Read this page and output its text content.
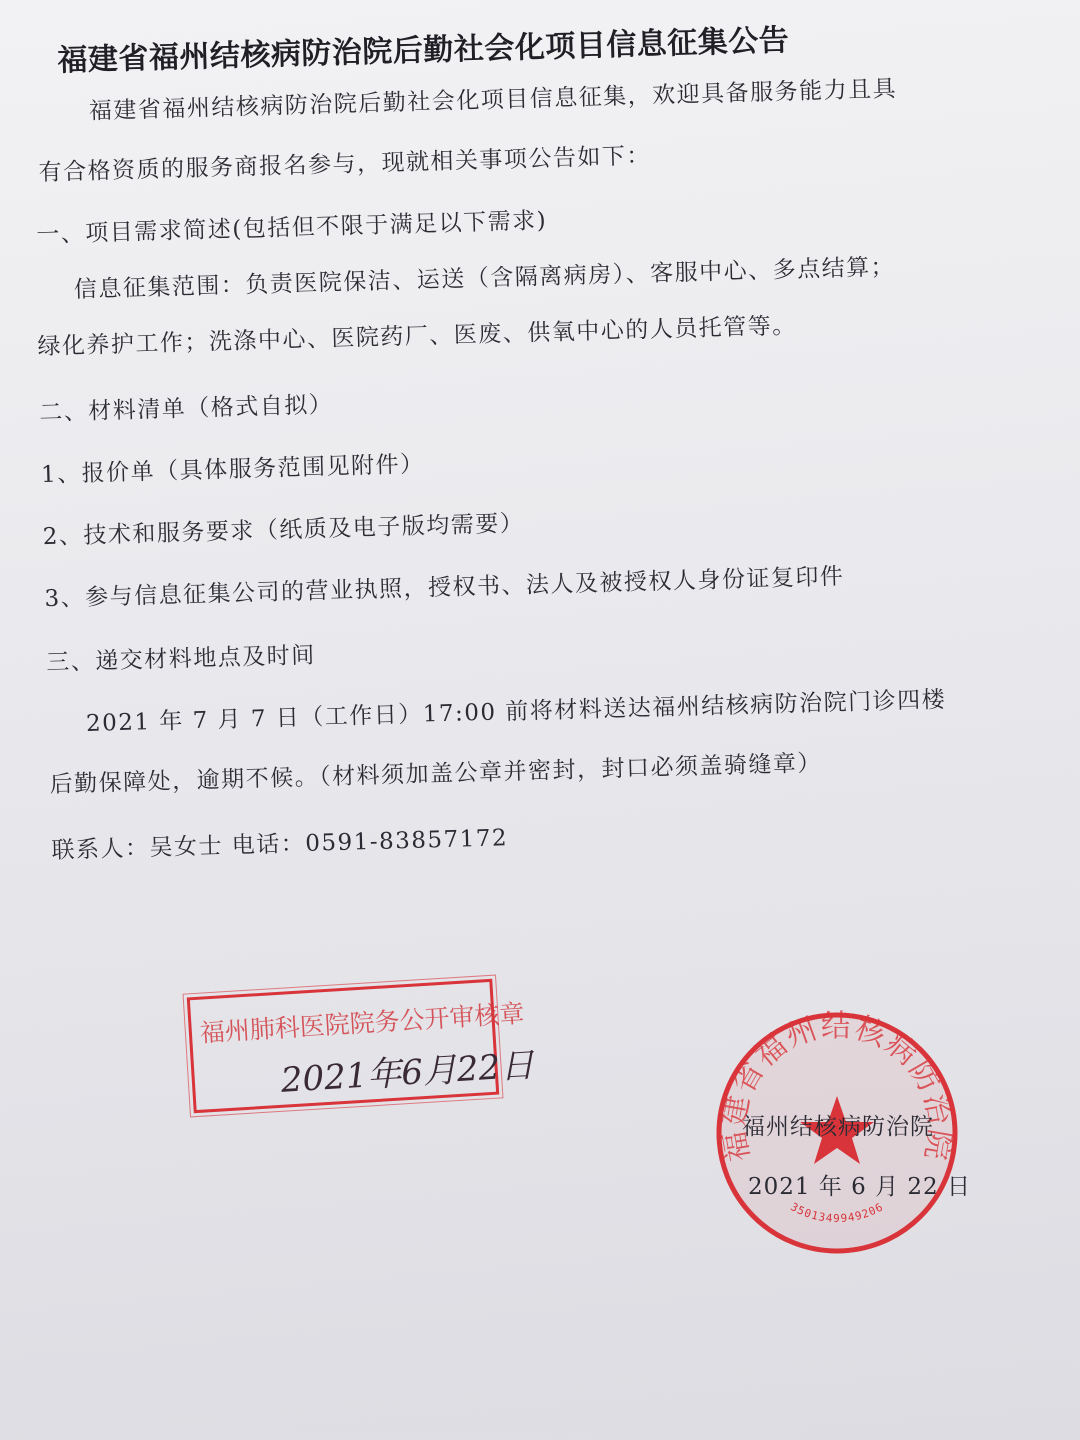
福建省福州结核病防治院后勤社会化项目信息征集公告
福建省福州结核病防治院后勤社会化项目信息征集，欢迎具备服务能力且具
有合格资质的服务商报名参与，现就相关事项公告如下：
一、项目需求简述(包括但不限于满足以下需求)
信息征集范围：负责医院保洁、运送（含隔离病房）、客服中心、多点结算；
绿化养护工作；洗涤中心、医院药厂、医废、供氧中心的人员托管等。
二、材料清单（格式自拟）
1、报价单（具体服务范围见附件）
2、技术和服务要求（纸质及电子版均需要）
3、参与信息征集公司的营业执照，授权书、法人及被授权人身份证复印件
三、递交材料地点及时间
2021 年 7 月 7 日（工作日）17:00 前将材料送达福州结核病防治院门诊四楼
后勤保障处，逾期不候。（材料须加盖公章并密封，封口必须盖骑缝章）
联系人：吴女士 电话：0591-83857172
福州肺科医院院务公开审核章
2021年6月22日
福建省福州结核病防治院
3501349949206
福州结核病防治院
2021 年 6 月 22 日
